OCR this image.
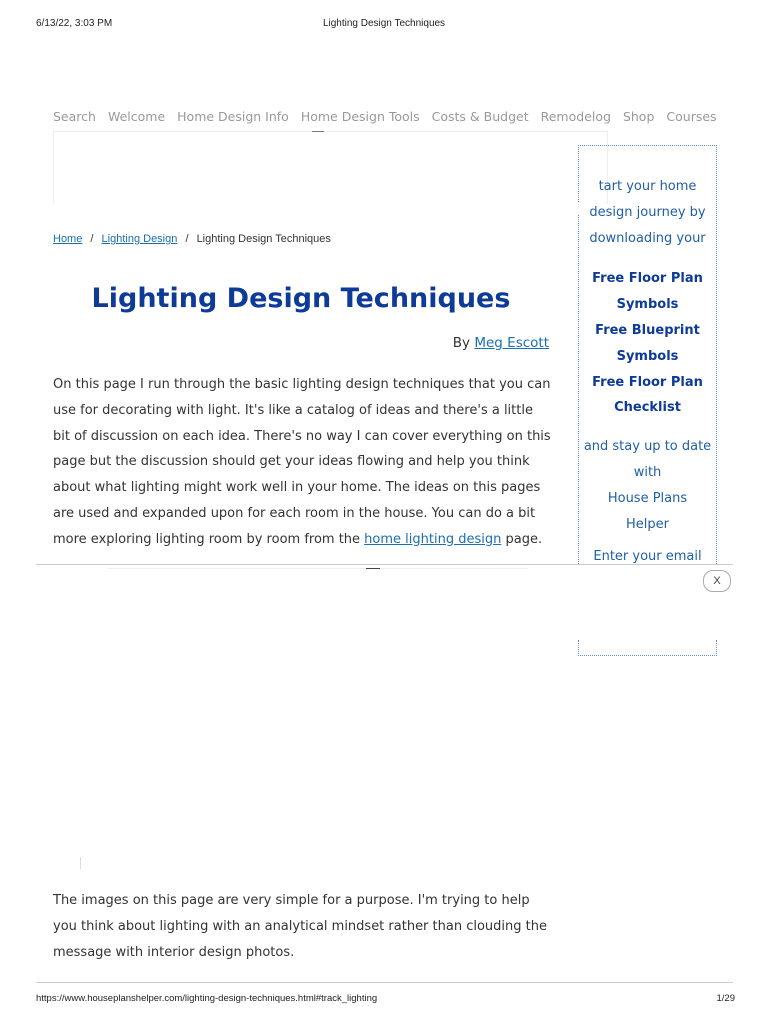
6/13/22, 3:03 PM	Lighting Design Techniques
Search Welcome Home Design Info Home Design Tools Costs & Budget Remodelog Shop Courses
Home / Lighting Design / Lighting Design Techniques
Lighting Design Techniques
By Meg Escott

On this page I run through the basic lighting design techniques that you can use for decorating with light. It's like a catalog of ideas and there's a little bit of discussion on each idea. There's no way I can cover everything on this page but the discussion should get your ideas flowing and help you think about what lighting might work well in your home. The ideas on this pages are used and expanded upon for each room in the house. You can do a bit more exploring lighting room by room from the home lighting design page.

tart your home
design journey by
downloading your
Free Floor Plan
Symbols
Free Blueprint
Symbols
Free Floor Plan
Checklist
and stay up to date
with
House Plans
Helper
Enter your email
X

The images on this page are very simple for a purpose. I'm trying to help you think about lighting with an analytical mindset rather than clouding the message with interior design photos.

https://www.houseplanshelper.com/lighting-design-techniques.html#track_lighting	1/29
